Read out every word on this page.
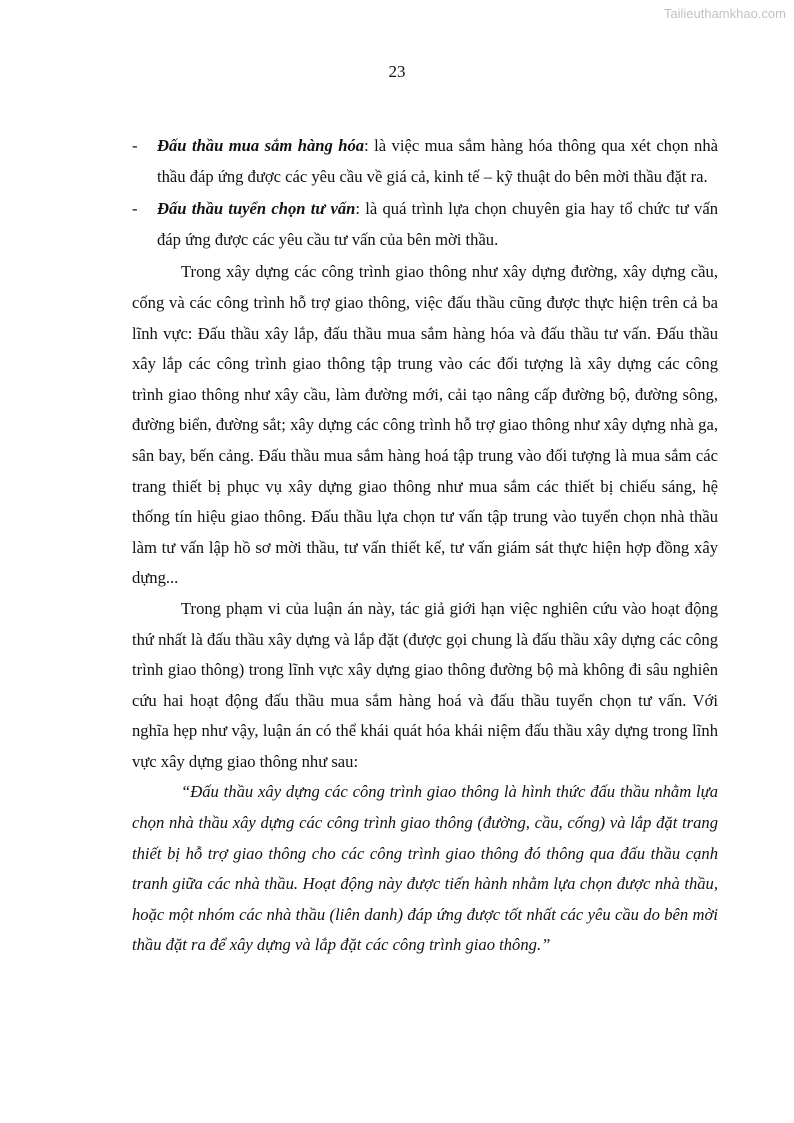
Tailieuthamkhao.com
23

- Đấu thầu mua sắm hàng hóa: là việc mua sắm hàng hóa thông qua xét chọn nhà thầu đáp ứng được các yêu cầu về giá cả, kinh tế – kỹ thuật do bên mời thầu đặt ra.

- Đấu thầu tuyển chọn tư vấn: là quá trình lựa chọn chuyên gia hay tổ chức tư vấn đáp ứng được các yêu cầu tư vấn của bên mời thầu.

Trong xây dựng các công trình giao thông như xây dựng đường, xây dựng cầu, cống và các công trình hỗ trợ giao thông, việc đấu thầu cũng được thực hiện trên cả ba lĩnh vực: Đấu thầu xây lắp, đấu thầu mua sắm hàng hóa và đấu thầu tư vấn. Đấu thầu xây lắp các công trình giao thông tập trung vào các đối tượng là xây dựng các công trình giao thông như xây cầu, làm đường mới, cải tạo nâng cấp đường bộ, đường sông, đường biển, đường sắt; xây dựng các công trình hỗ trợ giao thông như xây dựng nhà ga, sân bay, bến cảng. Đấu thầu mua sắm hàng hoá tập trung vào đối tượng là mua sắm các trang thiết bị phục vụ xây dựng giao thông như mua sắm các thiết bị chiếu sáng, hệ thống tín hiệu giao thông. Đấu thầu lựa chọn tư vấn tập trung vào tuyển chọn nhà thầu làm tư vấn lập hồ sơ mời thầu, tư vấn thiết kế, tư vấn giám sát thực hiện hợp đồng xây dựng...

Trong phạm vi của luận án này, tác giả giới hạn việc nghiên cứu vào hoạt động thứ nhất là đấu thầu xây dựng và lắp đặt (được gọi chung là đấu thầu xây dựng các công trình giao thông) trong lĩnh vực xây dựng giao thông đường bộ mà không đi sâu nghiên cứu hai hoạt động đấu thầu mua sắm hàng hoá và đấu thầu tuyển chọn tư vấn. Với nghĩa hẹp như vậy, luận án có thể khái quát hóa khái niệm đấu thầu xây dựng trong lĩnh vực xây dựng giao thông như sau:

“Đấu thầu xây dựng các công trình giao thông là hình thức đấu thầu nhằm lựa chọn nhà thầu xây dựng các công trình giao thông (đường, cầu, cống) và lắp đặt trang thiết bị hỗ trợ giao thông cho các công trình giao thông đó thông qua đấu thầu cạnh tranh giữa các nhà thầu. Hoạt động này được tiến hành nhằm lựa chọn được nhà thầu, hoặc một nhóm các nhà thầu (liên danh) đáp ứng được tốt nhất các yêu cầu do bên mời thầu đặt ra để xây dựng và lắp đặt các công trình giao thông.”
